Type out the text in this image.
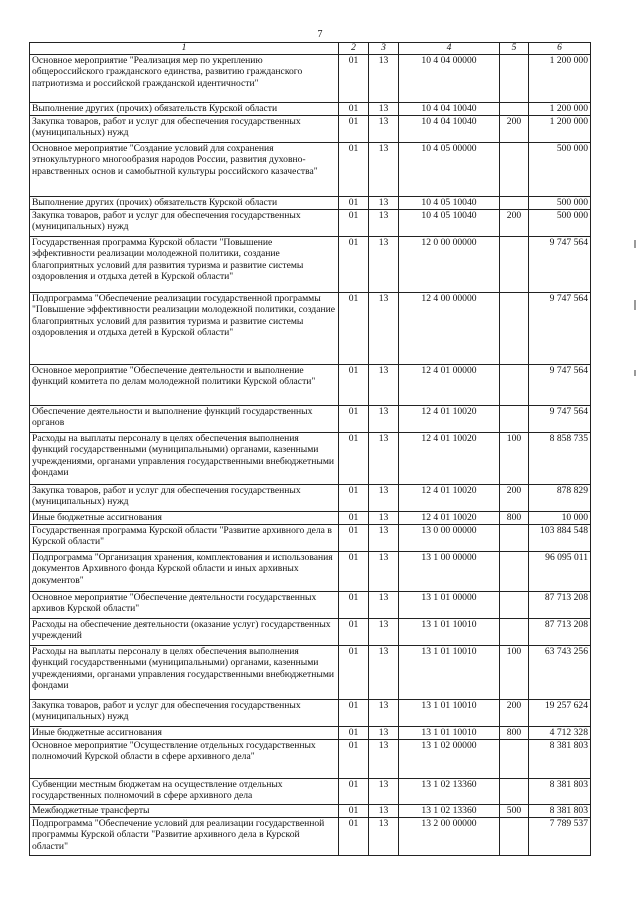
7
1	2	3	4	5	6
Основное мероприятие "Реализация мер по укреплению общероссийского гражданского единства, развитию гражданского патриотизма и российской гражданской идентичности"	01	13	10 4 04 00000		1 200 000
Выполнение других (прочих) обязательств Курской области	01	13	10 4 04 10040		1 200 000
Закупка товаров, работ и услуг для обеспечения государственных (муниципальных) нужд	01	13	10 4 04 10040	200	1 200 000
Основное мероприятие "Создание условий для сохранения этнокультурного многообразия народов России, развития духовно-нравственных основ и самобытной культуры российского казачества"	01	13	10 4 05 00000		500 000
Выполнение других (прочих) обязательств Курской области	01	13	10 4 05 10040		500 000
Закупка товаров, работ и услуг для обеспечения государственных (муниципальных) нужд	01	13	10 4 05 10040	200	500 000
Государственная программа Курской области "Повышение эффективности реализации молодежной политики, создание благоприятных условий для развития туризма и развитие системы оздоровления и отдыха детей в Курской области"	01	13	12 0 00 00000		9 747 564
Подпрограмма "Обеспечение реализации государственной программы "Повышение эффективности реализации молодежной политики, создание благоприятных условий для развития туризма и развитие системы оздоровления и отдыха детей в Курской области"	01	13	12 4 00 00000		9 747 564
Основное мероприятие "Обеспечение деятельности и выполнение функций комитета по делам молодежной политики Курской области"	01	13	12 4 01 00000		9 747 564
Обеспечение деятельности и выполнение функций государственных органов	01	13	12 4 01 10020		9 747 564
Расходы на выплаты персоналу в целях обеспечения выполнения функций государственными (муниципальными) органами, казенными учреждениями, органами управления государственными внебюджетными фондами	01	13	12 4 01 10020	100	8 858 735
Закупка товаров, работ и услуг для обеспечения государственных (муниципальных) нужд	01	13	12 4 01 10020	200	878 829
Иные бюджетные ассигнования	01	13	12 4 01 10020	800	10 000
Государственная программа Курской области "Развитие архивного дела в Курской области"	01	13	13 0 00 00000		103 884 548
Подпрограмма "Организация хранения, комплектования и использования документов Архивного фонда Курской области и иных архивных документов"	01	13	13 1 00 00000		96 095 011
Основное мероприятие "Обеспечение деятельности государственных архивов Курской области"	01	13	13 1 01 00000		87 713 208
Расходы на обеспечение деятельности (оказание услуг) государственных учреждений	01	13	13 1 01 10010		87 713 208
Расходы на выплаты персоналу в целях обеспечения выполнения функций государственными (муниципальными) органами, казенными учреждениями, органами управления государственными внебюджетными фондами	01	13	13 1 01 10010	100	63 743 256
Закупка товаров, работ и услуг для обеспечения государственных (муниципальных) нужд	01	13	13 1 01 10010	200	19 257 624
Иные бюджетные ассигнования	01	13	13 1 01 10010	800	4 712 328
Основное мероприятие "Осуществление отдельных государственных полномочий Курской области в сфере архивного дела"	01	13	13 1 02 00000		8 381 803
Субвенции местным бюджетам на осуществление отдельных государственных полномочий в сфере архивного дела	01	13	13 1 02 13360		8 381 803
Межбюджетные трансферты	01	13	13 1 02 13360	500	8 381 803
Подпрограмма "Обеспечение условий для реализации государственной программы Курской области "Развитие архивного дела в Курской области"	01	13	13 2 00 00000		7 789 537
